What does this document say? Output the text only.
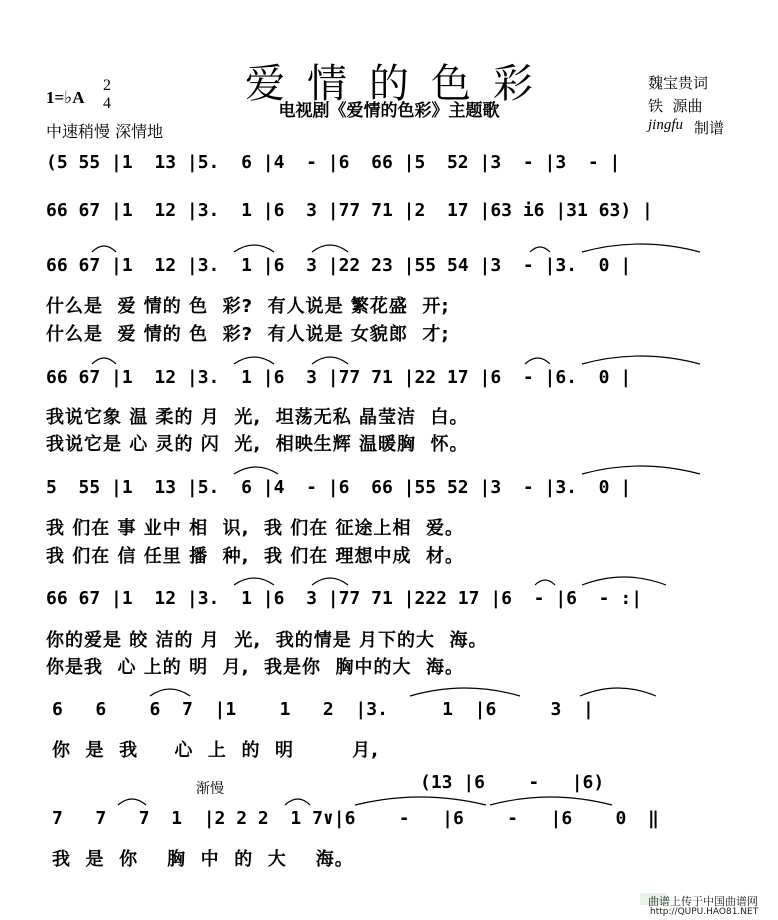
爱情的色彩
电视剧《爱情的色彩》主题歌
1=♭A
2
4
中速稍慢 深情地
魏宝贵词
铁  源曲
jingfu 制谱
(5 55 |1  13 |5.  6 |4  - |6  66 |5  52 |3  - |3  - |
66 67 |1  12 |3.  1 |6  3 |77 71 |2  17 |63 i6 |31 63) |
66 67 |1  12 |3.  1 |6  3 |22 23 |55 54 |3  - |3.  0 |
什么是  爱 情的 色  彩?  有人说是 繁花盛  开;
什么是  爱 情的 色  彩?  有人说是 女貌郎  才;
66 67 |1  12 |3.  1 |6  3 |77 71 |22 17 |6  - |6.  0 |
我说它象 温 柔的 月  光,  坦荡无私 晶莹洁  白。
我说它是 心 灵的 闪  光,  相映生辉 温暖胸  怀。
5  55 |1  13 |5.  6 |4  - |6  66 |55 52 |3  - |3.  0 |
我 们在 事 业中 相  识,  我 们在 征途上相  爱。
我 们在 信 任里 播  种,  我 们在 理想中成  材。
66 67 |1  12 |3.  1 |6  3 |77 71 |222 17 |6  - |6  - :|
你的爱是 皎 洁的 月  光,  我的情是 月下的大  海。
你是我  心 上的 明  月,  我是你  胸中的大  海。
6   6    6  7  |1    1   2  |3.     1  |6     3  |
你  是  我     心  上  的  明        月,
渐慢	(13 |6    -   |6)
7   7   7  1  |2 2 2  1 7∨|6    -   |6    -   |6    0  ‖
我  是  你    胸  中  的  大    海。
曲谱上传于中国曲谱网
http://QUPU.HAO81.NET
